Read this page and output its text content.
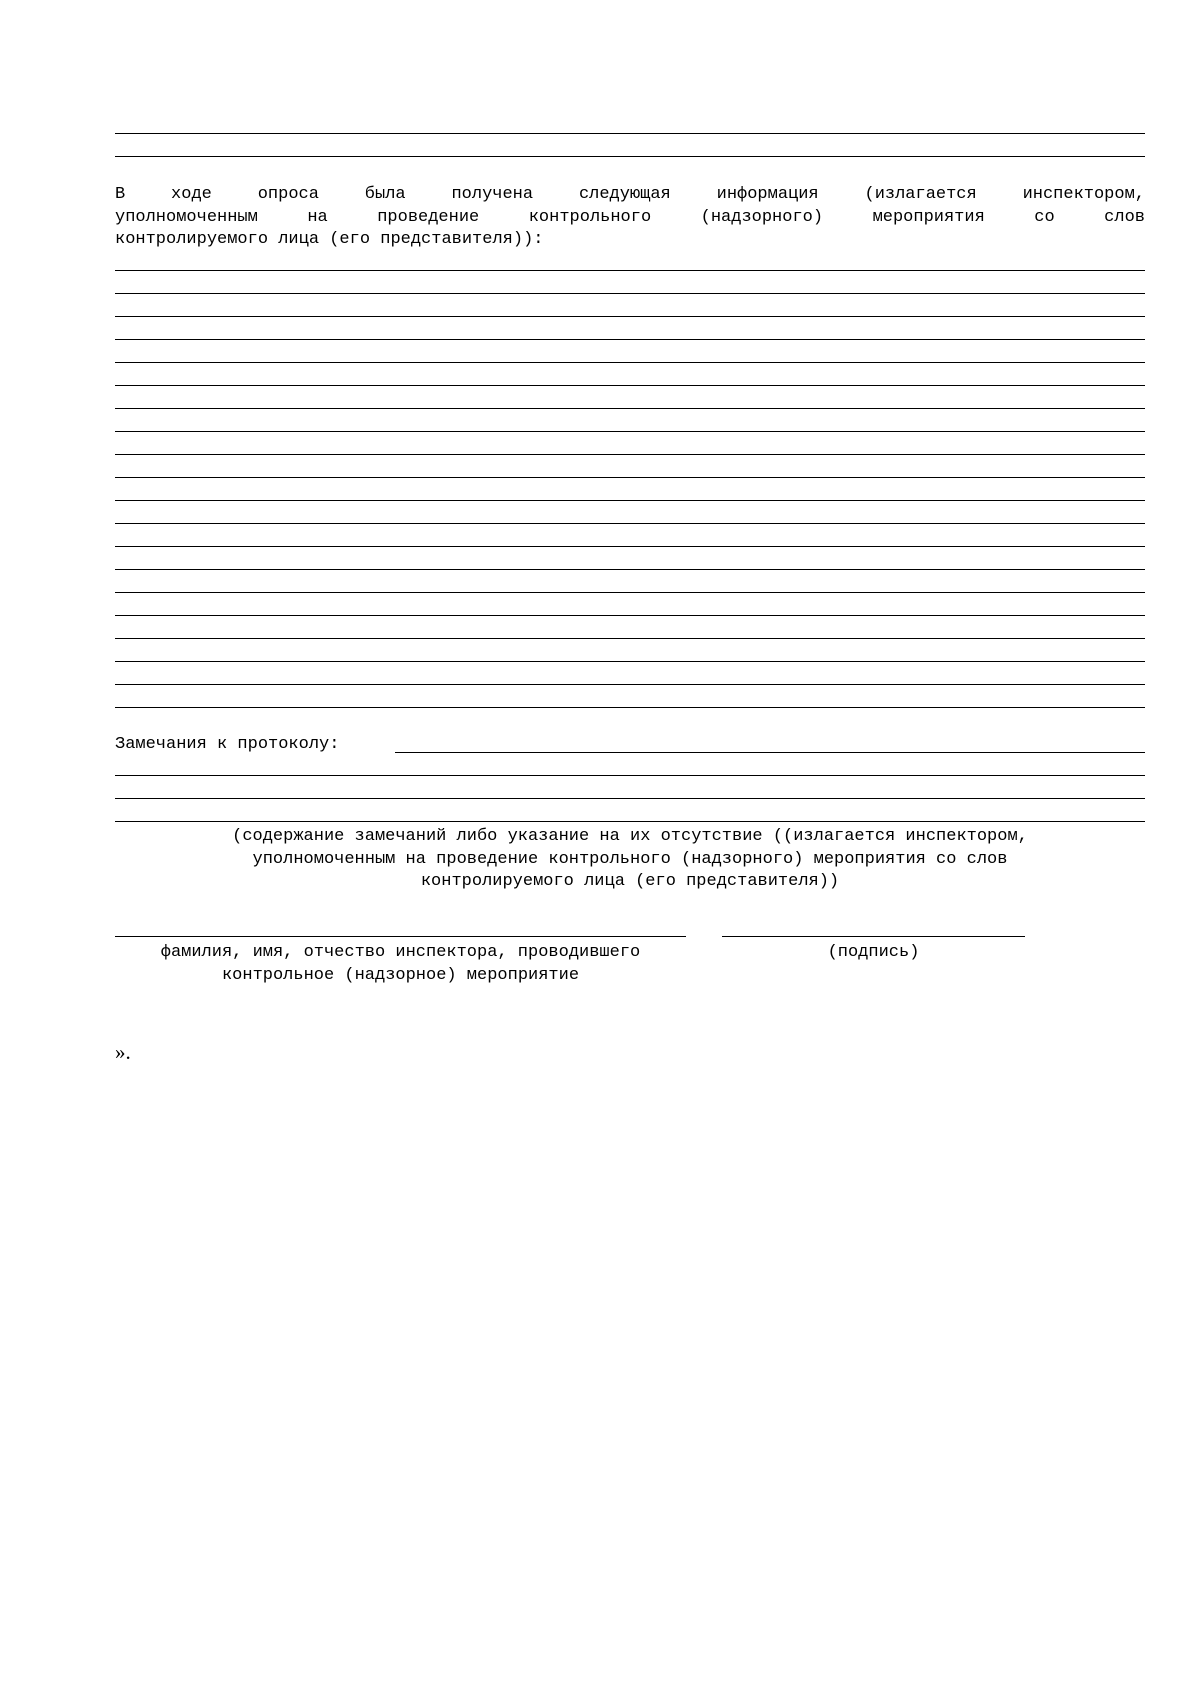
В ходе опроса была получена следующая информация (излагается инспектором,
уполномоченным на проведение контрольного (надзорного) мероприятия со слов
контролируемого лица (его представителя)):
Замечания к протоколу:
(содержание замечаний либо указание на их отсутствие ((излагается инспектором,
уполномоченным на проведение контрольного (надзорного) мероприятия со слов
контролируемого лица (его представителя))
фамилия, имя, отчество инспектора, проводившего
контрольное (надзорное) мероприятие
(подпись)
».
